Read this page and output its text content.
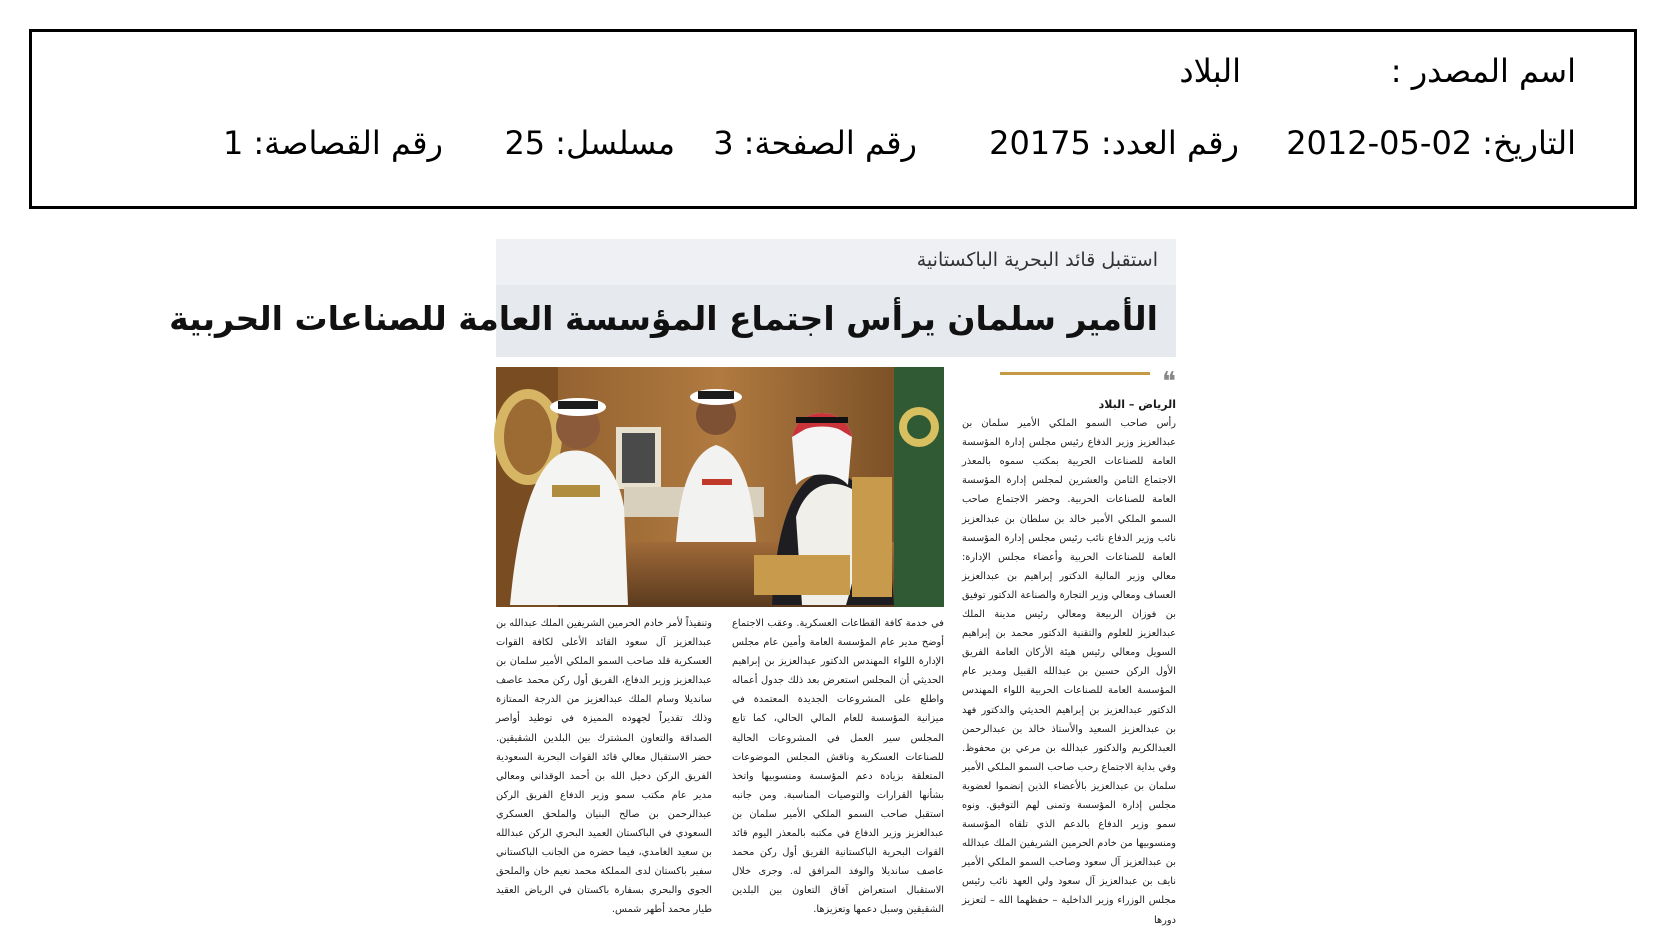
اسم المصدر :
البلاد
التاريخ:
2012-05-02
رقم العدد:
20175
رقم الصفحة:
3
مسلسل:
25
رقم القصاصة:
1
استقبل قائد البحرية الباكستانية
الأمير سلمان يرأس اجتماع المؤسسة العامة للصناعات الحربية
❝
الرياض – البلاد
رأس صاحب السمو الملكي الأمير سلمان بن عبدالعزيز وزير الدفاع رئيس مجلس إدارة المؤسسة العامة للصناعات الحربية بمكتب سموه بالمعذر الاجتماع الثامن والعشرين لمجلس إدارة المؤسسة العامة للصناعات الحربية. وحضر الاجتماع صاحب السمو الملكي الأمير خالد بن سلطان بن عبدالعزيز نائب وزير الدفاع نائب رئيس مجلس إدارة المؤسسة العامة للصناعات الحربية وأعضاء مجلس الإدارة: معالي وزير المالية الدكتور إبراهيم بن عبدالعزيز العساف ومعالي وزير التجارة والصناعة الدكتور توفيق بن فوزان الربيعة ومعالي رئيس مدينة الملك عبدالعزيز للعلوم والتقنية الدكتور محمد بن إبراهيم السويل ومعالي رئيس هيئة الأركان العامة الفريق الأول الركن حسين بن عبدالله القبيل ومدير عام المؤسسة العامة للصناعات الحربية اللواء المهندس الدكتور عبدالعزيز بن إبراهيم الحديثي والدكتور فهد بن عبدالعزيز السعيد والأستاذ خالد بن عبدالرحمن العبدالكريم والدكتور عبدالله بن مرعي بن محفوظ. وفي بداية الاجتماع رحب صاحب السمو الملكي الأمير سلمان بن عبدالعزيز بالأعضاء الذين إنضموا لعضوية مجلس إدارة المؤسسة وتمنى لهم التوفيق. ونوه سمو وزير الدفاع بالدعم الذي تلقاه المؤسسة ومنسوبيها من خادم الحرمين الشريفين الملك عبدالله بن عبدالعزيز آل سعود وصاحب السمو الملكي الأمير نايف بن عبدالعزيز آل سعود ولي العهد نائب رئيس مجلس الوزراء وزير الداخلية – حفظهما الله – لتعزيز دورها
في خدمة كافة القطاعات العسكرية. وعقب الاجتماع أوضح مدير عام المؤسسة العامة وأمين عام مجلس الإدارة اللواء المهندس الدكتور عبدالعزيز بن إبراهيم الحديثي أن المجلس استعرض بعد ذلك جدول أعماله واطلع على المشروعات الجديدة المعتمدة في ميزانية المؤسسة للعام المالي الحالي، كما تابع المجلس سير العمل في المشروعات الحالية للصناعات العسكرية وناقش المجلس الموضوعات المتعلقة بزيادة دعم المؤسسة ومنسوبيها واتخذ بشأنها القرارات والتوصيات المناسبة. ومن جانبه استقبل صاحب السمو الملكي الأمير سلمان بن عبدالعزيز وزير الدفاع في مكتبه بالمعذر اليوم قائد القوات البحرية الباكستانية الفريق أول ركن محمد عاصف سانديلا والوفد المرافق له. وجرى خلال الاستقبال استعراض آفاق التعاون بين البلدين الشقيقين وسبل دعمها وتعزيزها.
وتنفيذاً لأمر خادم الحرمين الشريفين الملك عبدالله بن عبدالعزيز آل سعود القائد الأعلى لكافة القوات العسكرية قلد صاحب السمو الملكي الأمير سلمان بن عبدالعزيز وزير الدفاع، الفريق أول ركن محمد عاصف سانديلا وسام الملك عبدالعزيز من الدرجة الممتازة وذلك تقديراً لجهوده المميزة في توطيد أواصر الصداقة والتعاون المشترك بين البلدين الشقيقين. حضر الاستقبال معالي قائد القوات البحرية السعودية الفريق الركن دخيل الله بن أحمد الوقداني ومعالي مدير عام مكتب سمو وزير الدفاع الفريق الركن عبدالرحمن بن صالح البنيان والملحق العسكري السعودي في الباكستان العميد البحري الركن عبدالله بن سعيد الغامدي، فيما حضره من الجانب الباكستاني سفير باكستان لدى المملكة محمد نعيم خان والملحق الجوي والبحري بسفارة باكستان في الرياض العقيد طيار محمد أطهر شمس.
